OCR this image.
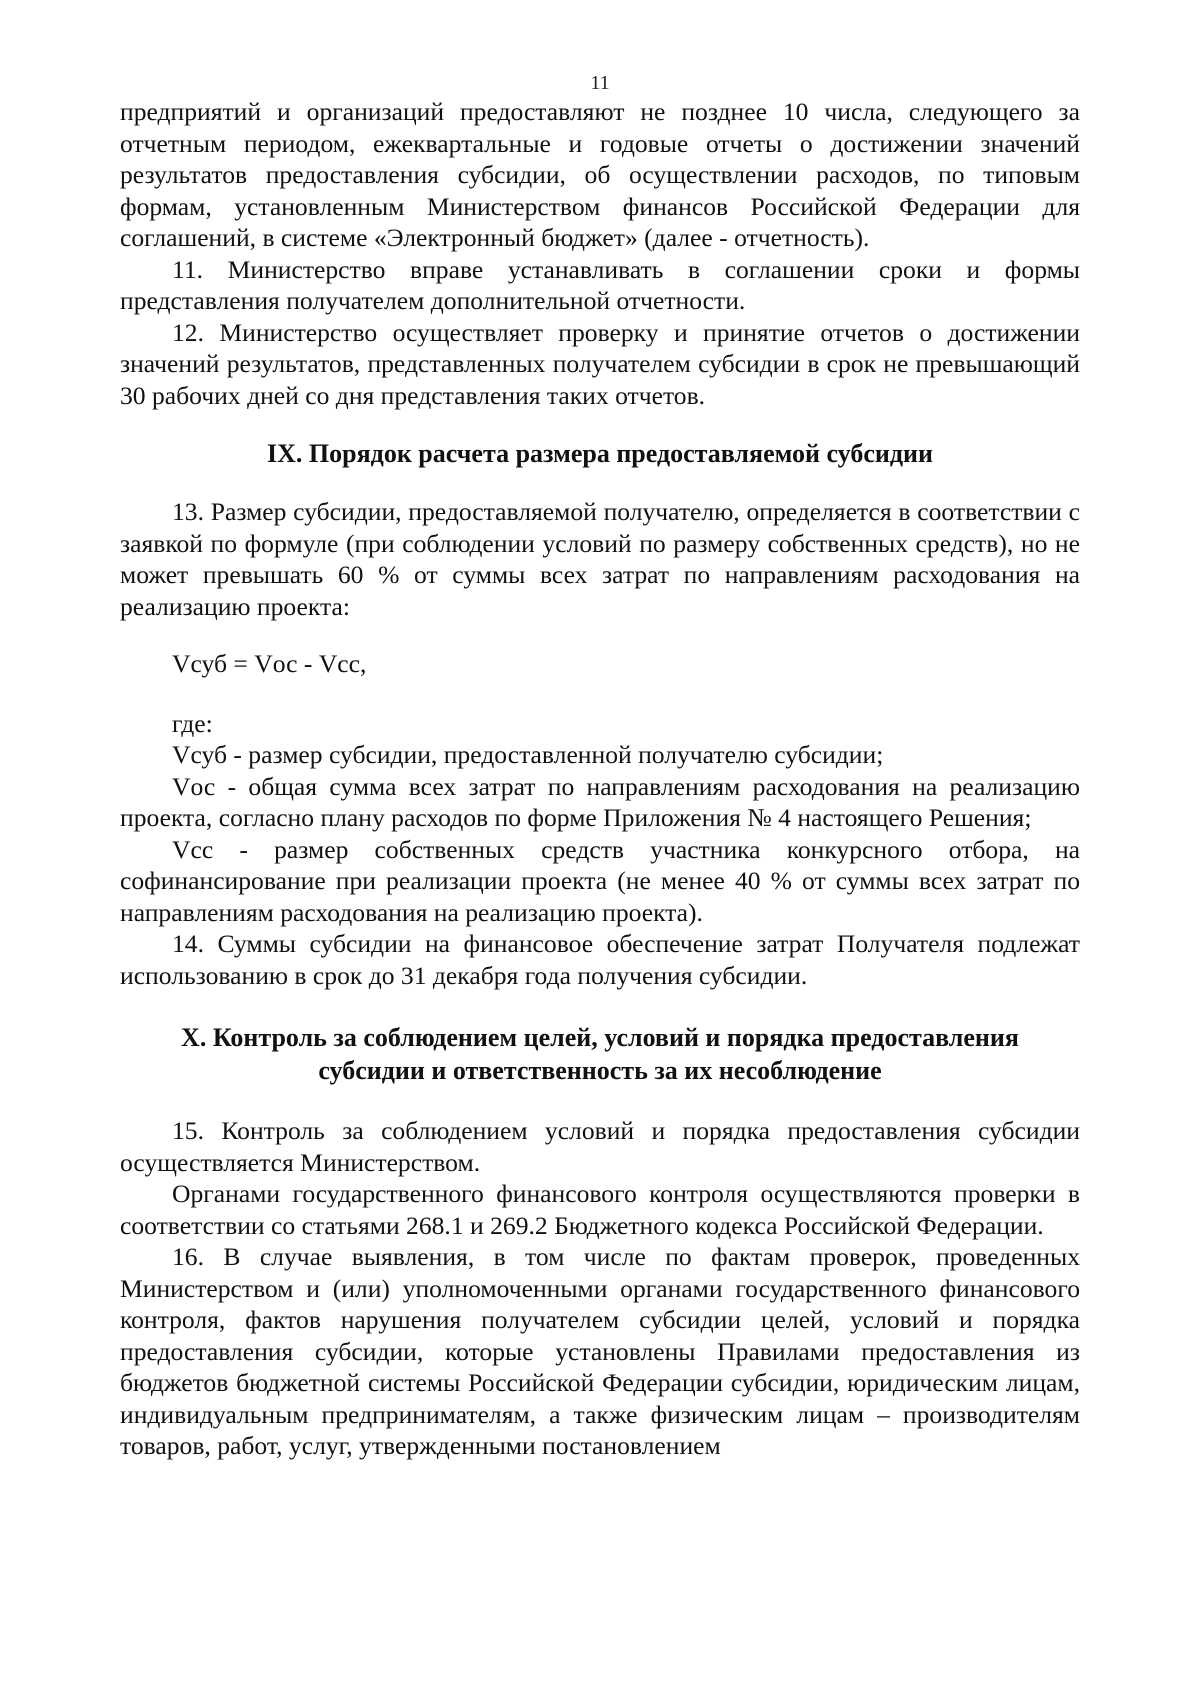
11

предприятий и организаций предоставляют не позднее 10 числа, следующего за отчетным периодом, ежеквартальные и годовые отчеты о достижении значений результатов предоставления субсидии, об осуществлении расходов, по типовым формам, установленным Министерством финансов Российской Федерации для соглашений, в системе «Электронный бюджет» (далее - отчетность).

11. Министерство вправе устанавливать в соглашении сроки и формы представления получателем дополнительной отчетности.

12. Министерство осуществляет проверку и принятие отчетов о достижении значений результатов, представленных получателем субсидии в срок не превышающий 30 рабочих дней со дня представления таких отчетов.

IX. Порядок расчета размера предоставляемой субсидии

13. Размер субсидии, предоставляемой получателю, определяется в соответствии с заявкой по формуле (при соблюдении условий по размеру собственных средств), но не может превышать 60 % от суммы всех затрат по направлениям расходования на реализацию проекта:

Vсуб = Vос - Vсс,

где:

Vсуб - размер субсидии, предоставленной получателю субсидии;

Vос - общая сумма всех затрат по направлениям расходования на реализацию проекта, согласно плану расходов по форме Приложения № 4 настоящего Решения;

Vсс - размер собственных средств участника конкурсного отбора, на софинансирование при реализации проекта (не менее 40 % от суммы всех затрат по направлениям расходования на реализацию проекта).

14. Суммы субсидии на финансовое обеспечение затрат Получателя подлежат использованию в срок до 31 декабря года получения субсидии.

X. Контроль за соблюдением целей, условий и порядка предоставления
субсидии и ответственность за их несоблюдение

15. Контроль за соблюдением условий и порядка предоставления субсидии осуществляется Министерством.

Органами государственного финансового контроля осуществляются проверки в соответствии со статьями 268.1 и 269.2 Бюджетного кодекса Российской Федерации.

16. В случае выявления, в том числе по фактам проверок, проведенных Министерством и (или) уполномоченными органами государственного финансового контроля, фактов нарушения получателем субсидии целей, условий и порядка предоставления субсидии, которые установлены Правилами предоставления из бюджетов бюджетной системы Российской Федерации субсидии, юридическим лицам, индивидуальным предпринимателям, а также физическим лицам – производителям товаров, работ, услуг, утвержденными постановлением
